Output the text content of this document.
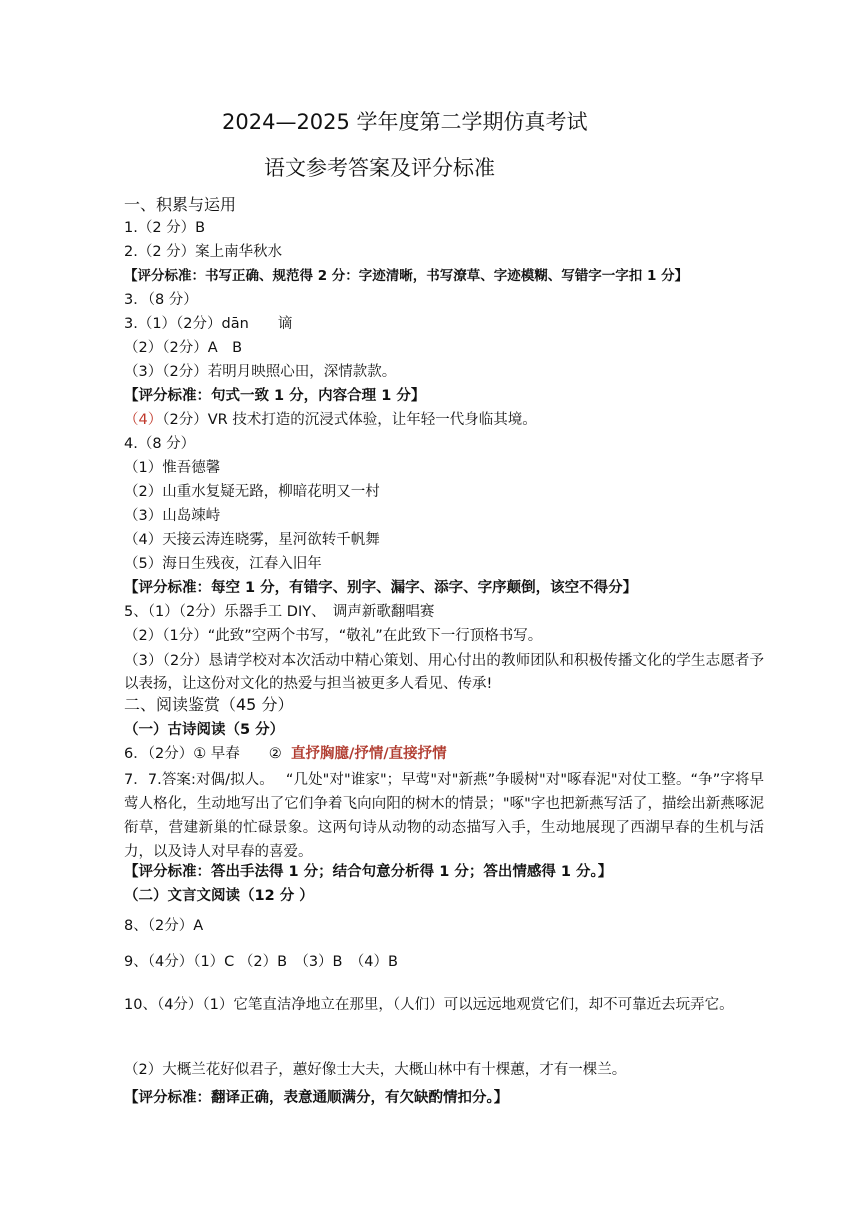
2024—2025 学年度第二学期仿真考试
语文参考答案及评分标准
一、积累与运用
1.（2 分）B
2.（2 分）案上南华秋水
【评分标准：书写正确、规范得 2 分：字迹清晰，书写潦草、字迹模糊、写错字一字扣 1 分】
3．（8 分）
3.（1）（2分）dān　　谪
（2）（2分）A　B
（3）（2分）若明月映照心田，深情款款。
【评分标准：句式一致 1 分，内容合理 1 分】
（4）（2分）VR 技术打造的沉浸式体验，让年轻一代身临其境。
4.（8 分）
（1）惟吾德馨
（2）山重水复疑无路，柳暗花明又一村
（3）山岛竦峙
（4）天接云涛连晓雾，星河欲转千帆舞
（5）海日生残夜，江春入旧年
【评分标准：每空 1 分，有错字、别字、漏字、添字、字序颠倒，该空不得分】
5、（1）（2分）乐器手工 DIY、　调声新歌翻唱赛
（2）（1分）“此致”空两个书写，“敬礼”在此致下一行顶格书写。
（3）（2分）恳请学校对本次活动中精心策划、用心付出的教师团队和积极传播文化的学生志愿者予以表扬，让这份对文化的热爱与担当被更多人看见、传承!
二、阅读鉴赏（45 分）
（一）古诗阅读（5 分）
6．（2分）① 早春　　② 直抒胸臆/抒情/直接抒情
7．7.答案:对偶/拟人。　 “几处"对"谁家"；早莺"对"新燕”争暖树"对"啄春泥"对仗工整。“争”字将早莺人格化，生动地写出了它们争着飞向向阳的树木的情景；"啄"字也把新燕写活了，描绘出新燕啄泥衔草，营建新巢的忙碌景象。这两句诗从动物的动态描写入手，生动地展现了西湖早春的生机与活力，以及诗人对早春的喜爱。
【评分标准：答出手法得 1 分；结合句意分析得 1 分；答出情感得 1 分。】
（二）文言文阅读（12 分 ）
8、（2分）A
9、（4分）（1）C （2）B　（3）B　（4）B
10、（4分）（1）它笔直洁净地立在那里，（人们）可以远远地观赏它们，却不可靠近去玩弄它。
（2）大概兰花好似君子，蕙好像士大夫，大概山林中有十棵蕙，才有一棵兰。
【评分标准：翻译正确，表意通顺满分，有欠缺酌情扣分。】
